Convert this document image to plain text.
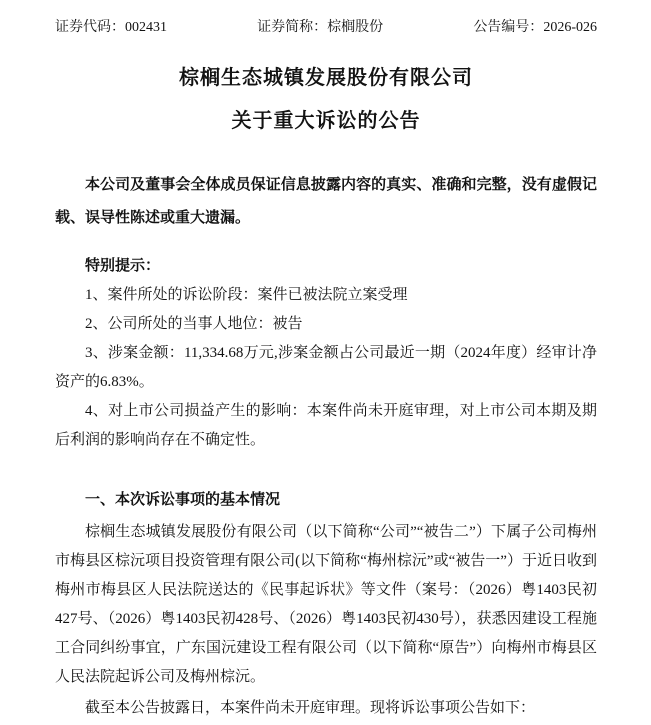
证券代码：002431	证券简称：棕榈股份	公告编号：2026-026
棕榈生态城镇发展股份有限公司
关于重大诉讼的公告

本公司及董事会全体成员保证信息披露内容的真实、准确和完整，没有虚假记载、误导性陈述或重大遗漏。

特别提示：

1、案件所处的诉讼阶段：案件已被法院立案受理

2、公司所处的当事人地位：被告

3、涉案金额：11,334.68万元,涉案金额占公司最近一期（2024年度）经审计净资产的6.83%。

4、对上市公司损益产生的影响：本案件尚未开庭审理，对上市公司本期及期后利润的影响尚存在不确定性。

一、本次诉讼事项的基本情况

棕榈生态城镇发展股份有限公司（以下简称“公司”“被告二”）下属子公司梅州市梅县区棕沅项目投资管理有限公司(以下简称“梅州棕沅”或“被告一”）于近日收到梅州市梅县区人民法院送达的《民事起诉状》等文件（案号：（2026）粤1403民初427号、（2026）粤1403民初428号、（2026）粤1403民初430号），获悉因建设工程施工合同纠纷事宜，广东国沅建设工程有限公司（以下简称“原告”）向梅州市梅县区人民法院起诉公司及梅州棕沅。

截至本公告披露日，本案件尚未开庭审理。现将诉讼事项公告如下：
